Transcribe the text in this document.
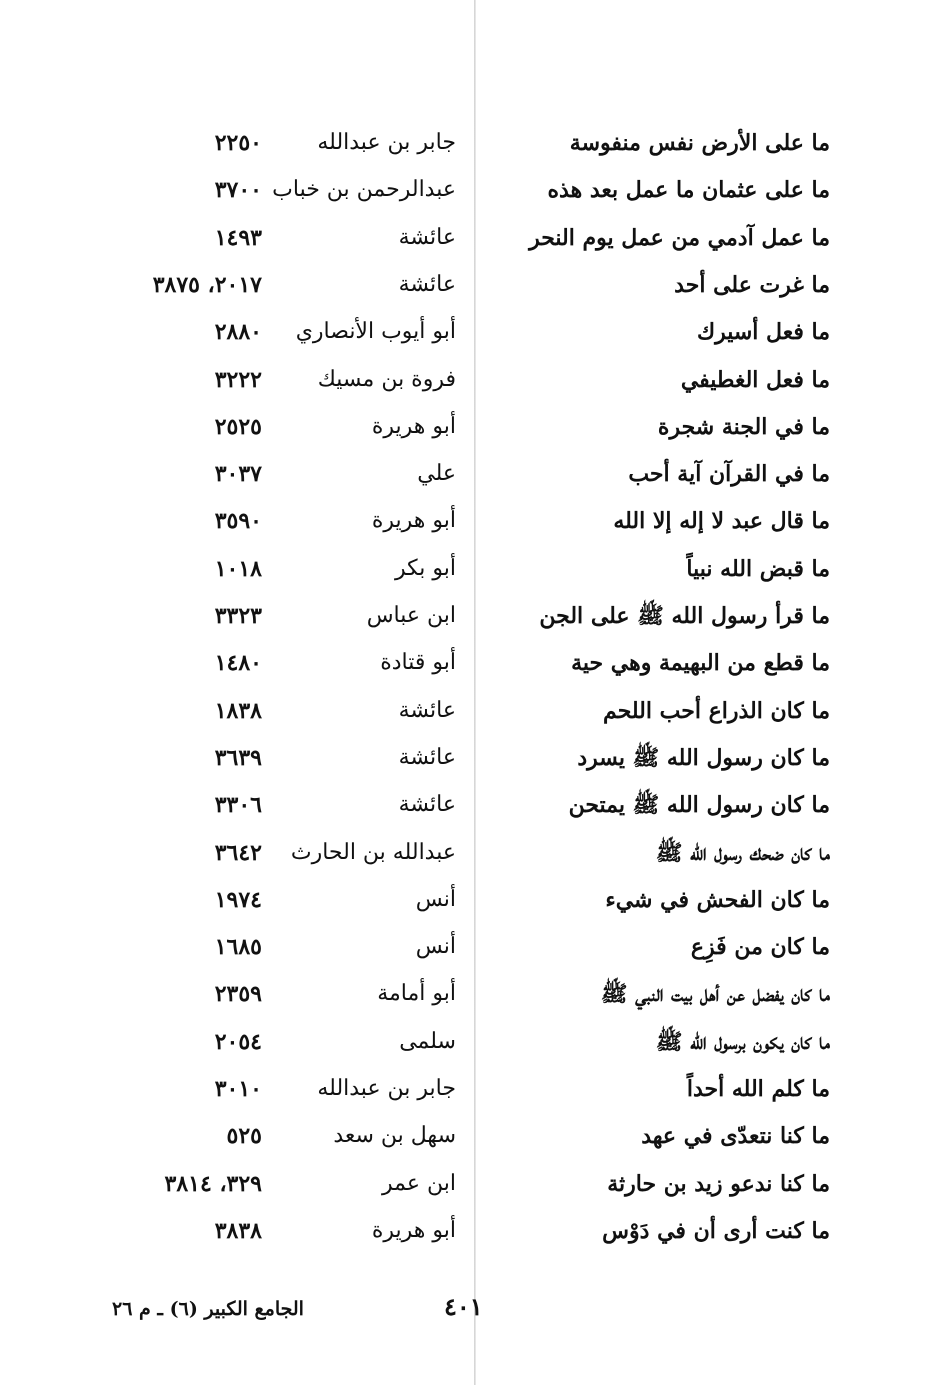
ما على الأرض نفس منفوسة
جابر بن عبدالله
٢٢٥٠
ما على عثمان ما عمل بعد هذه
عبدالرحمن بن خباب
٣٧٠٠
ما عمل آدمي من عمل يوم النحر
عائشة
١٤٩٣
ما غرت على أحد
عائشة
٢٠١٧، ٣٨٧٥
ما فعل أسيرك
أبو أيوب الأنصاري
٢٨٨٠
ما فعل الغطيفي
فروة بن مسيك
٣٢٢٢
ما في الجنة شجرة
أبو هريرة
٢٥٢٥
ما في القرآن آية أحب
علي
٣٠٣٧
ما قال عبد لا إله إلا الله
أبو هريرة
٣٥٩٠
ما قبض الله نبياً
أبو بكر
١٠١٨
ما قرأ رسول الله ﷺ على الجن
ابن عباس
٣٣٢٣
ما قطع من البهيمة وهي حية
أبو قتادة
١٤٨٠
ما كان الذراع أحب اللحم
عائشة
١٨٣٨
ما كان رسول الله ﷺ يسرد
عائشة
٣٦٣٩
ما كان رسول الله ﷺ يمتحن
عائشة
٣٣٠٦
ما كان ضحك رسول الله ﷺ
عبدالله بن الحارث
٣٦٤٢
ما كان الفحش في شيء
أنس
١٩٧٤
ما كان من فَزِع
أنس
١٦٨٥
ما كان يفضل عن أهل بيت النبي ﷺ
أبو أمامة
٢٣٥٩
ما كان يكون برسول الله ﷺ
سلمى
٢٠٥٤
ما كلم الله أحداً
جابر بن عبدالله
٣٠١٠
ما كنا نتعدّى في عهد
سهل بن سعد
٥٢٥
ما كنا ندعو زيد بن حارثة
ابن عمر
٣٢٩، ٣٨١٤
ما كنت أرى أن في دَوْس
أبو هريرة
٣٨٣٨
الجامع الكبير (٦) ـ م ٢٦	٤٠١
